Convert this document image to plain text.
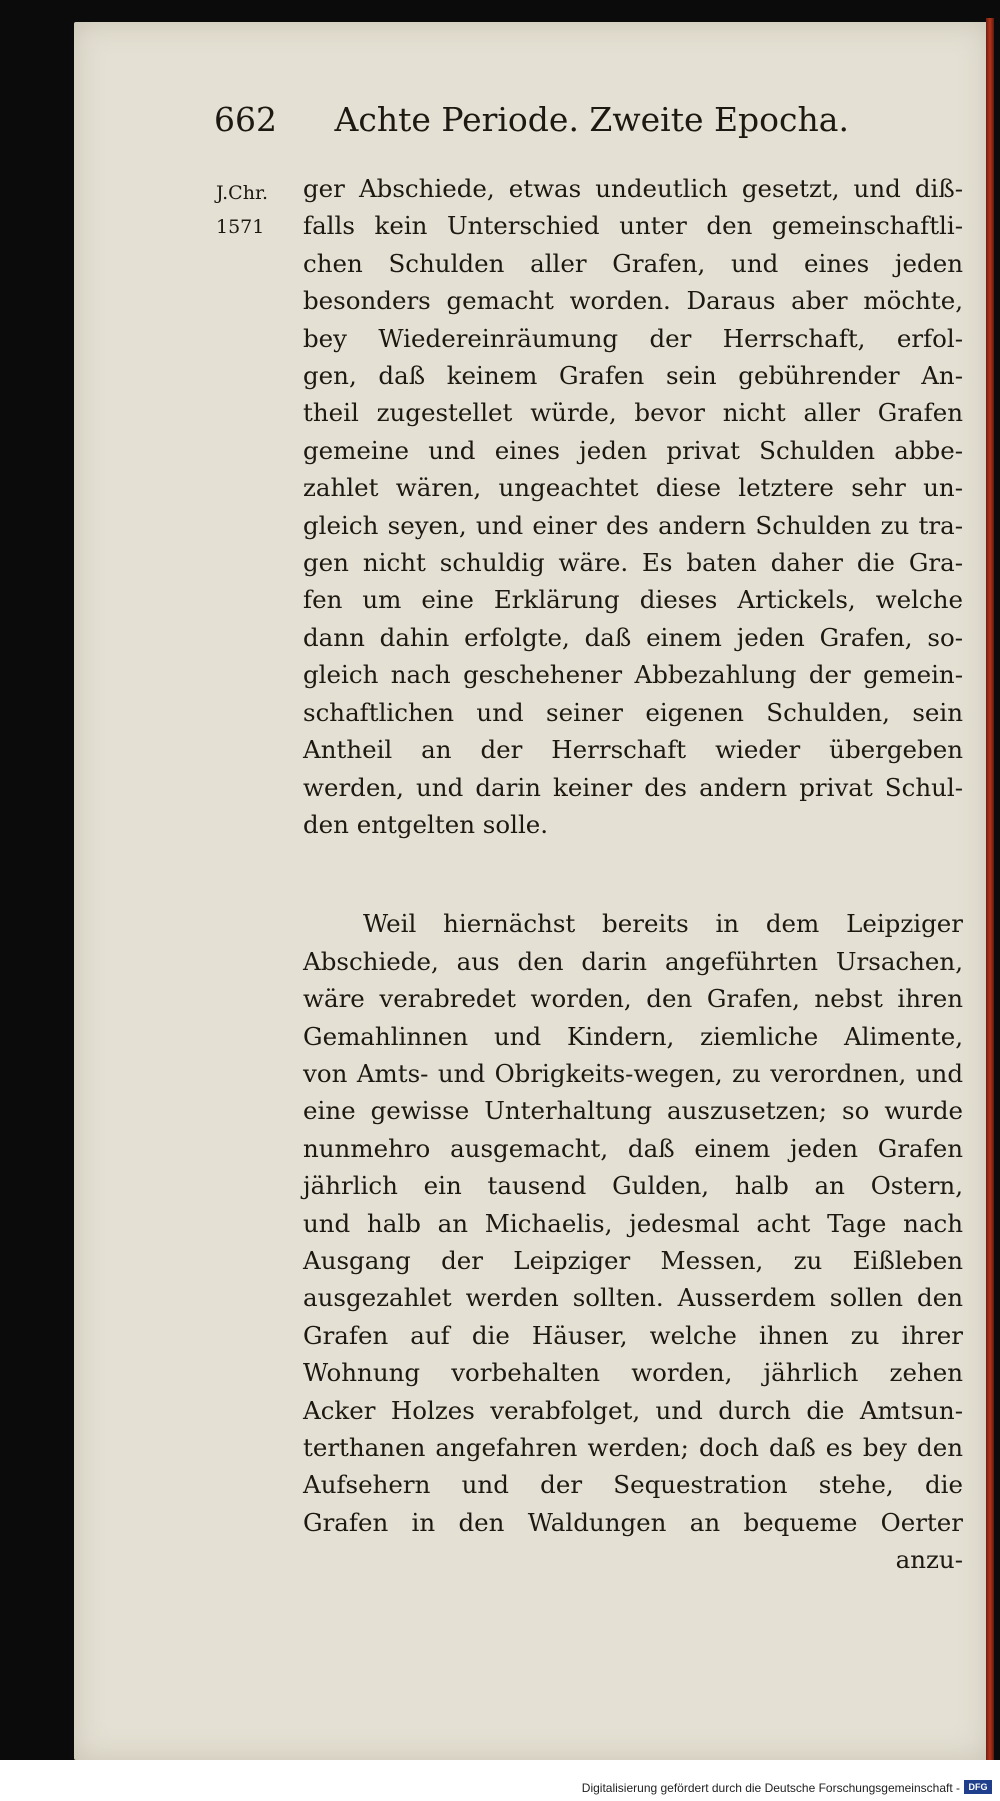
662 Achte Periode. Zweite Epocha.
J.Chr.
1571
ger Abschiede, etwas undeutlich gesetzt, und diß-
falls kein Unterschied unter den gemeinschaftli-
chen Schulden aller Grafen, und eines jeden
besonders gemacht worden. Daraus aber möchte,
bey Wiedereinräumung der Herrschaft, erfol-
gen, daß keinem Grafen sein gebührender An-
theil zugestellet würde, bevor nicht aller Grafen
gemeine und eines jeden privat Schulden abbe-
zahlet wären, ungeachtet diese letztere sehr un-
gleich seyen, und einer des andern Schulden zu tra-
gen nicht schuldig wäre. Es baten daher die Gra-
fen um eine Erklärung dieses Artickels, welche
dann dahin erfolgte, daß einem jeden Grafen, so-
gleich nach geschehener Abbezahlung der gemein-
schaftlichen und seiner eigenen Schulden, sein
Antheil an der Herrschaft wieder übergeben
werden, und darin keiner des andern privat Schul-
den entgelten solle.
Weil hiernächst bereits in dem Leipziger
Abschiede, aus den darin angeführten Ursachen,
wäre verabredet worden, den Grafen, nebst ihren
Gemahlinnen und Kindern, ziemliche Alimente,
von Amts- und Obrigkeits-wegen, zu verordnen, und
eine gewisse Unterhaltung auszusetzen; so wurde
nunmehro ausgemacht, daß einem jeden Grafen
jährlich ein tausend Gulden, halb an Ostern,
und halb an Michaelis, jedesmal acht Tage nach
Ausgang der Leipziger Messen, zu Eißleben
ausgezahlet werden sollten. Ausserdem sollen den
Grafen auf die Häuser, welche ihnen zu ihrer
Wohnung vorbehalten worden, jährlich zehen
Acker Holzes verabfolget, und durch die Amtsun-
terthanen angefahren werden; doch daß es bey den
Aufsehern und der Sequestration stehe, die
Grafen in den Waldungen an bequeme Oerter
anzu-
Digitalisierung gefördert durch die Deutsche Forschungsgemeinschaft - DFG
